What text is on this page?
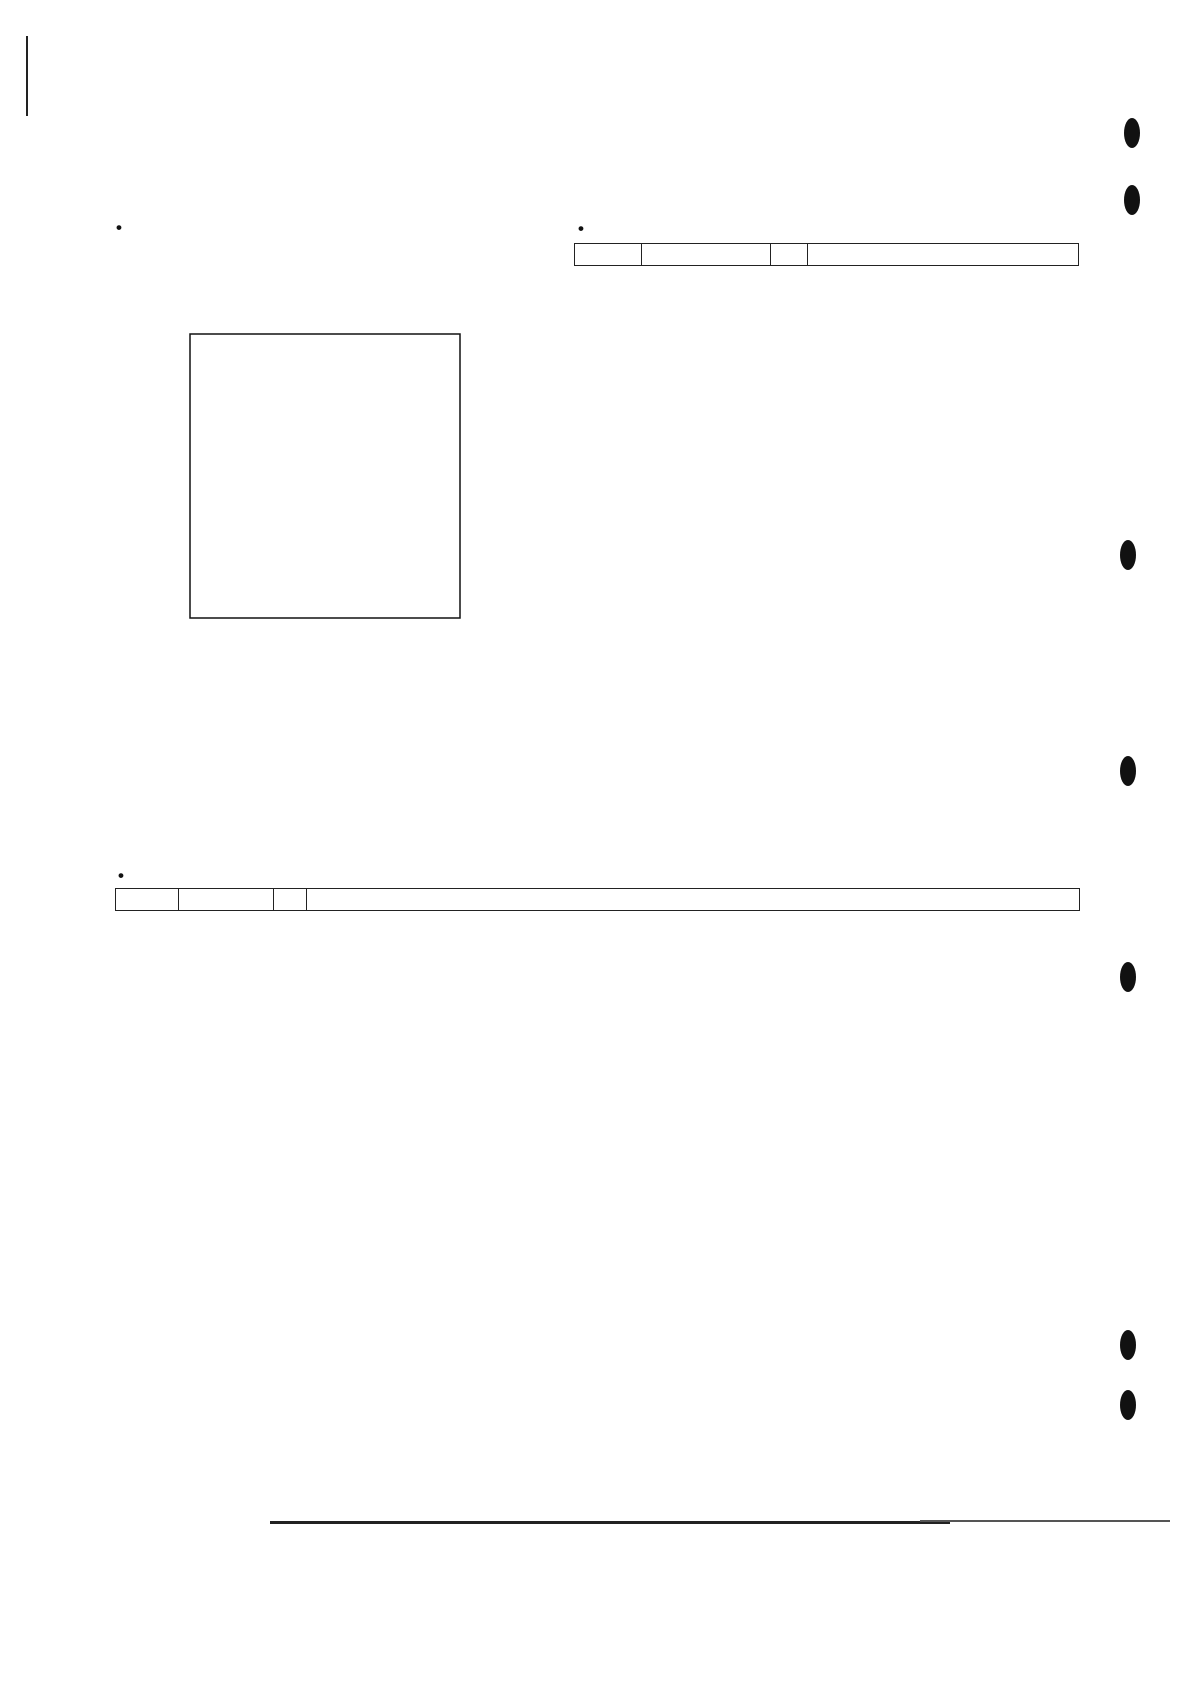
•	•

•
